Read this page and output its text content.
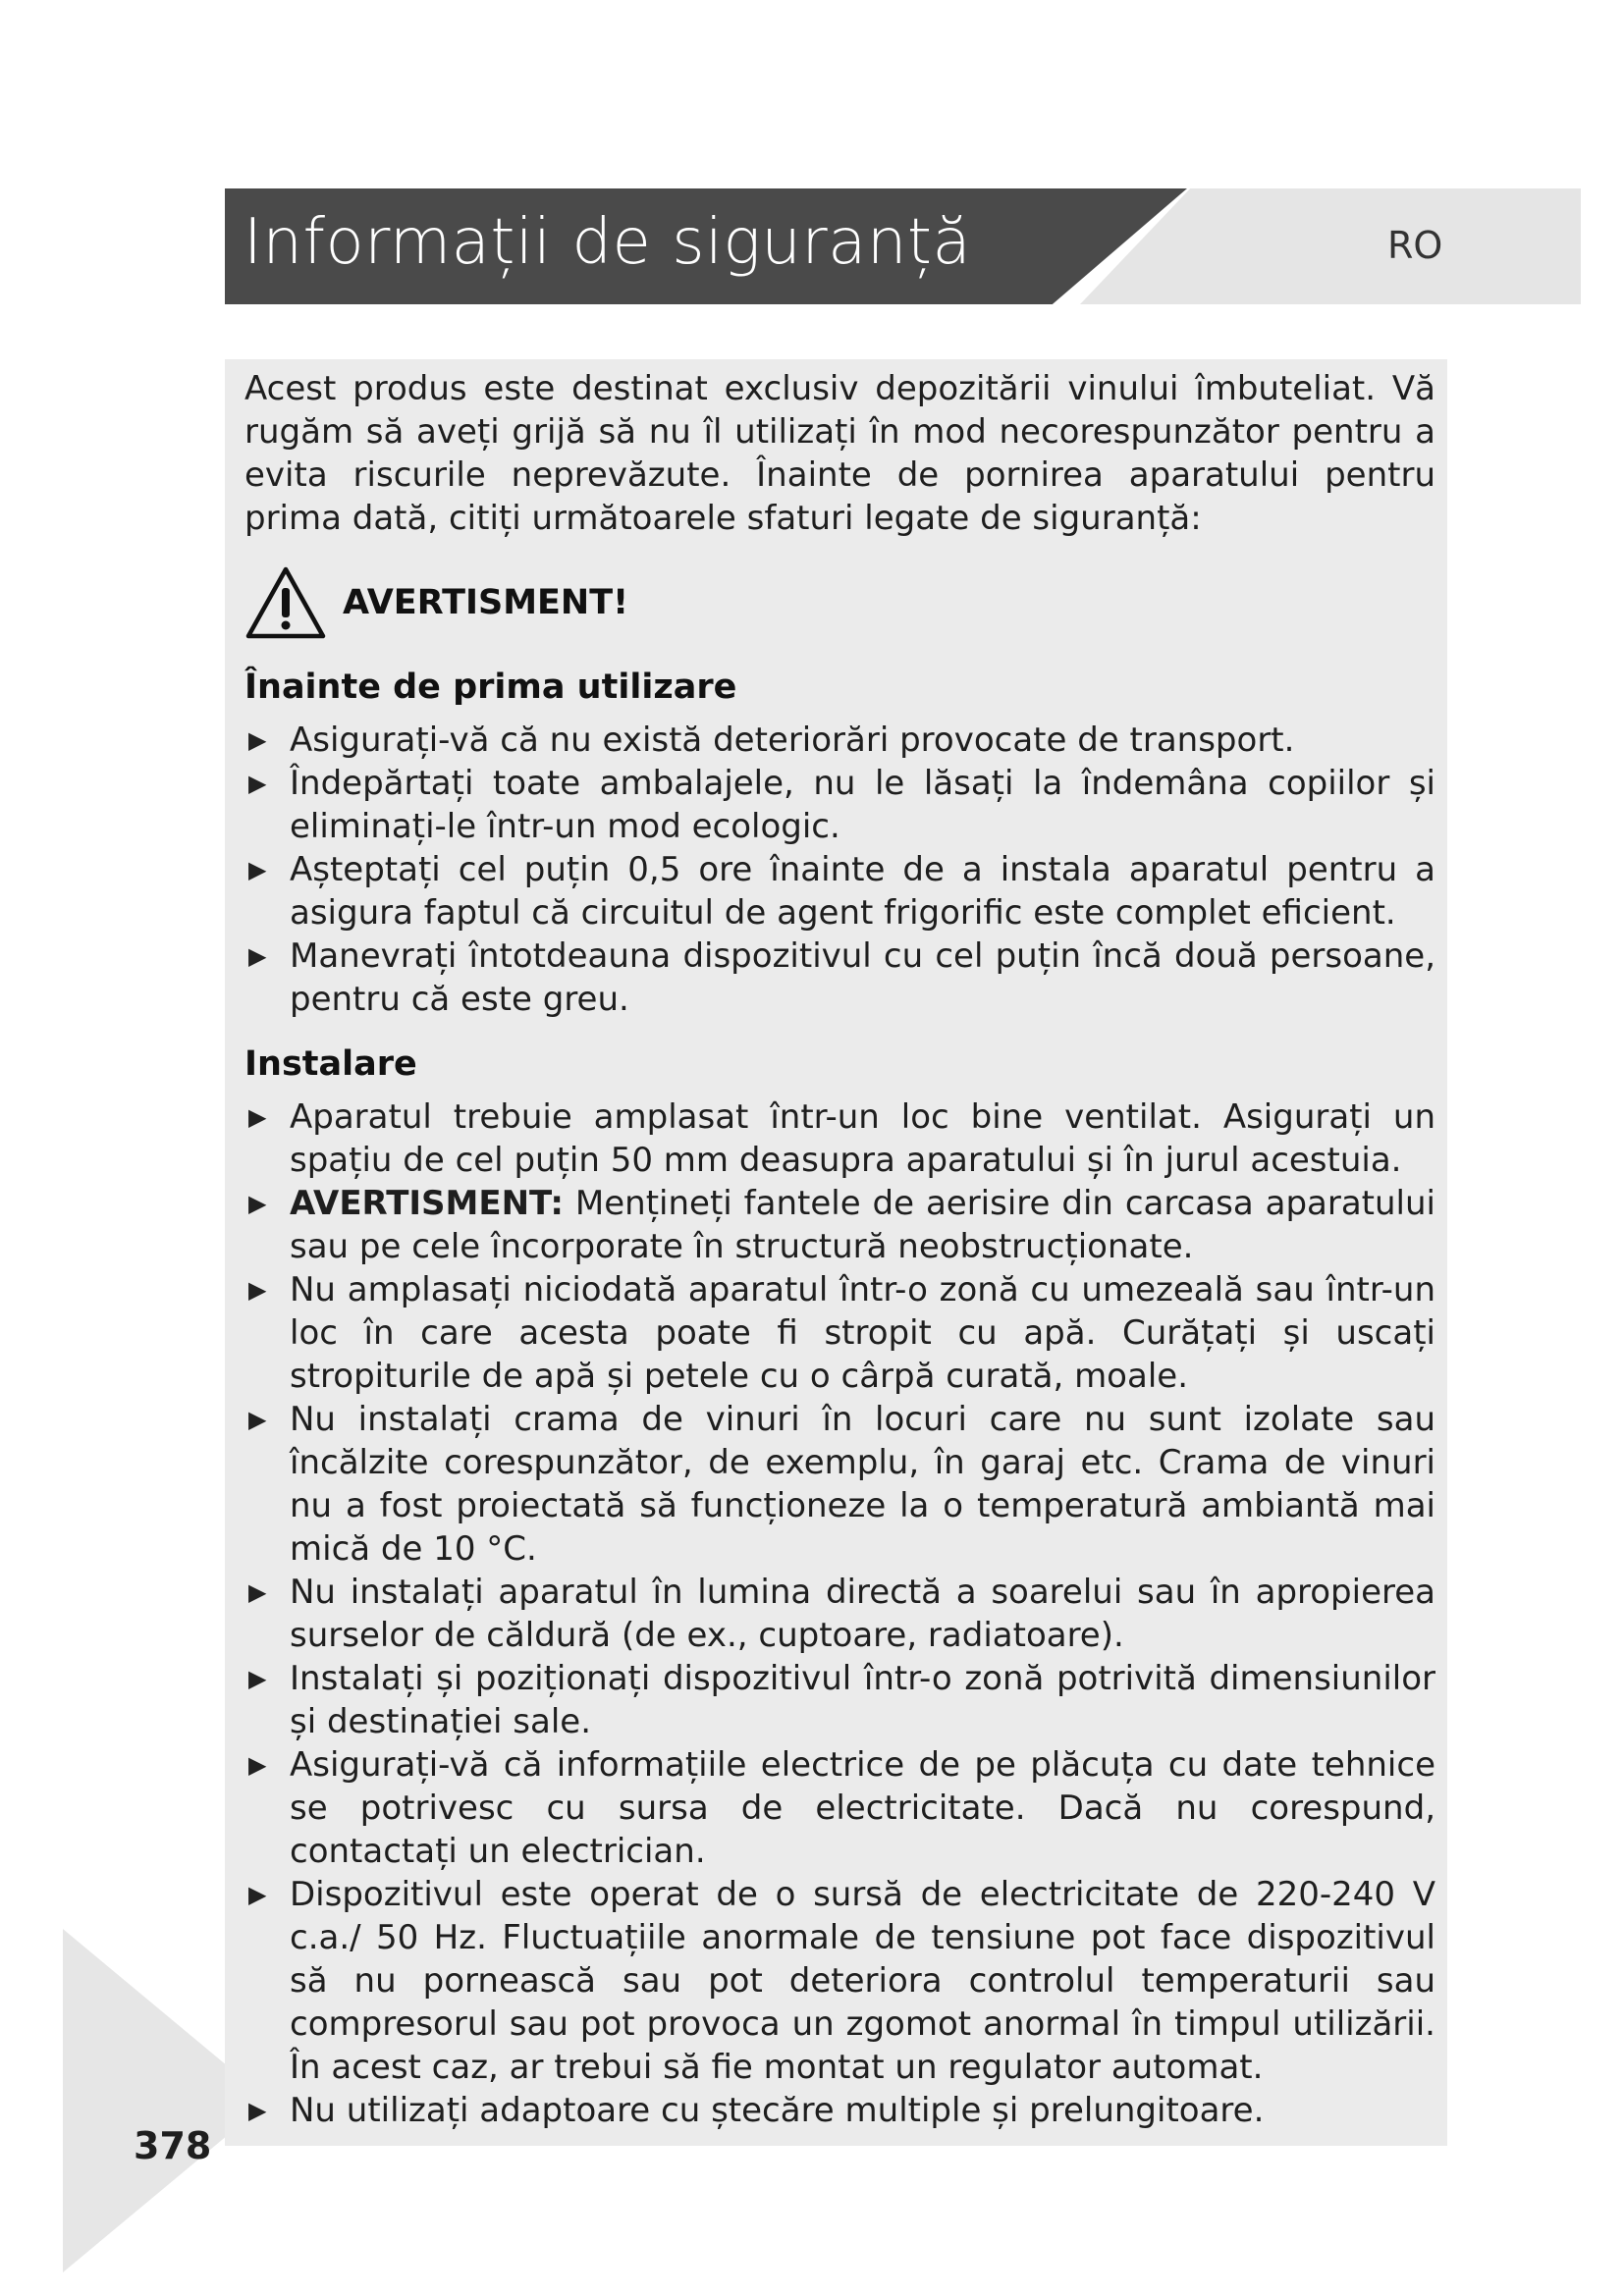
Informații de siguranță	RO
378

Acest produs este destinat exclusiv depozitării vinului îmbuteliat. Vă rugăm să aveți grijă să nu îl utilizați în mod necorespunzător pentru a evita riscurile neprevăzute. Înainte de pornirea aparatului pentru prima dată, citiți următoarele sfaturi legate de siguranță:

AVERTISMENT!
Înainte de prima utilizare
▶ Asigurați-vă că nu există deteriorări provocate de transport.
▶ Îndepărtați toate ambalajele, nu le lăsați la îndemâna copiilor și eliminați-le într-un mod ecologic.
▶ Așteptați cel puțin 0,5 ore înainte de a instala aparatul pentru a asigura faptul că circuitul de agent frigorific este complet eficient.
▶ Manevrați întotdeauna dispozitivul cu cel puțin încă două persoane, pentru că este greu.
Instalare
▶ Aparatul trebuie amplasat într-un loc bine ventilat. Asigurați un spațiu de cel puțin 50 mm deasupra aparatului și în jurul acestuia.
▶ AVERTISMENT: Mențineți fantele de aerisire din carcasa aparatului sau pe cele încorporate în structură neobstrucționate.
▶ Nu amplasați niciodată aparatul într-o zonă cu umezeală sau într-un loc în care acesta poate fi stropit cu apă. Curățați și uscați stropiturile de apă și petele cu o cârpă curată, moale.
▶ Nu instalați crama de vinuri în locuri care nu sunt izolate sau încălzite corespunzător, de exemplu, în garaj etc. Crama de vinuri nu a fost proiectată să funcționeze la o temperatură ambiantă mai mică de 10 °C.
▶ Nu instalați aparatul în lumina directă a soarelui sau în apropierea surselor de căldură (de ex., cuptoare, radiatoare).
▶ Instalați și poziționați dispozitivul într-o zonă potrivită dimensiunilor și destinației sale.
▶ Asigurați-vă că informațiile electrice de pe plăcuța cu date tehnice se potrivesc cu sursa de electricitate. Dacă nu corespund, contactați un electrician.
▶ Dispozitivul este operat de o sursă de electricitate de 220-240 V c.a./ 50 Hz. Fluctuațiile anormale de tensiune pot face dispozitivul să nu pornească sau pot deteriora controlul temperaturii sau compresorul sau pot provoca un zgomot anormal în timpul utilizării. În acest caz, ar trebui să fie montat un regulator automat.
▶ Nu utilizați adaptoare cu ștecăre multiple și prelungitoare.
